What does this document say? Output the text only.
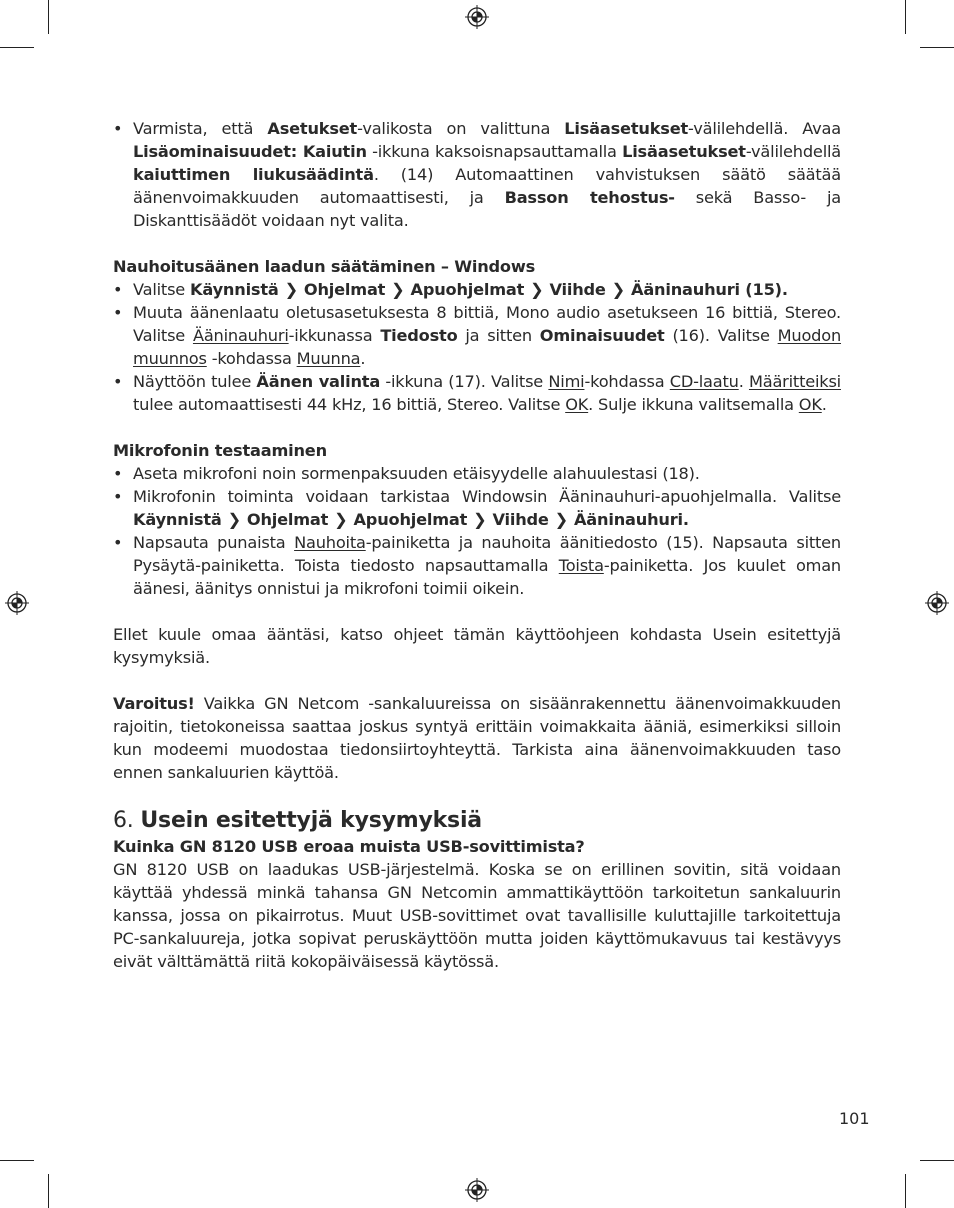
• Varmista, että Asetukset-valikosta on valittuna Lisäasetukset-välilehdellä. Avaa Lisäominaisuudet: Kaiutin -ikkuna kaksoisnapsauttamalla Lisäasetukset-välilehdellä kaiuttimen liukusäädintä. (14) Automaattinen vahvistuksen säätö säätää äänenvoimakkuuden automaattisesti, ja Basson tehostus- sekä Basso- ja Diskanttisäädöt voidaan nyt valita.

Nauhoitusäänen laadun säätäminen – Windows

• Valitse Käynnistä ❯ Ohjelmat ❯ Apuohjelmat ❯ Viihde ❯ Ääninauhuri (15).
• Muuta äänenlaatu oletusasetuksesta 8 bittiä, Mono audio asetukseen 16 bittiä, Stereo. Valitse Ääninauhuri-ikkunassa Tiedosto ja sitten Ominaisuudet (16). Valitse Muodon muunnos -kohdassa Muunna.
• Näyttöön tulee Äänen valinta -ikkuna (17). Valitse Nimi-kohdassa CD-laatu. Määritteiksi tulee automaattisesti 44 kHz, 16 bittiä, Stereo. Valitse OK. Sulje ikkuna valitsemalla OK.

Mikrofonin testaaminen

• Aseta mikrofoni noin sormenpaksuuden etäisyydelle alahuulestasi (18).
• Mikrofonin toiminta voidaan tarkistaa Windowsin Ääninauhuri-apuohjelmalla. Valitse Käynnistä ❯ Ohjelmat ❯ Apuohjelmat ❯ Viihde ❯ Ääninauhuri.
• Napsauta punaista Nauhoita-painiketta ja nauhoita äänitiedosto (15). Napsauta sitten Pysäytä-painiketta. Toista tiedosto napsauttamalla Toista-painiketta. Jos kuulet oman äänesi, äänitys onnistui ja mikrofoni toimii oikein.

Ellet kuule omaa ääntäsi, katso ohjeet tämän käyttöohjeen kohdasta Usein esitettyjä kysymyksiä.

Varoitus! Vaikka GN Netcom -sankaluureissa on sisäänrakennettu äänenvoimakkuuden rajoitin, tietokoneissa saattaa joskus syntyä erittäin voimakkaita ääniä, esimerkiksi silloin kun modeemi muodostaa tiedonsiirtoyhteyttä. Tarkista aina äänenvoimakkuuden taso ennen sankaluurien käyttöä.

6. Usein esitettyjä kysymyksiä

Kuinka GN 8120 USB eroaa muista USB-sovittimista?

GN 8120 USB on laadukas USB-järjestelmä. Koska se on erillinen sovitin, sitä voidaan käyttää yhdessä minkä tahansa GN Netcomin ammattikäyttöön tarkoitetun sankaluurin kanssa, jossa on pikairrotus. Muut USB-sovittimet ovat tavallisille kuluttajille tarkoitettuja PC-sankaluureja, jotka sopivat peruskäyttöön mutta joiden käyttömukavuus tai kestävyys eivät välttämättä riitä kokopäiväisessä käytössä.

101
